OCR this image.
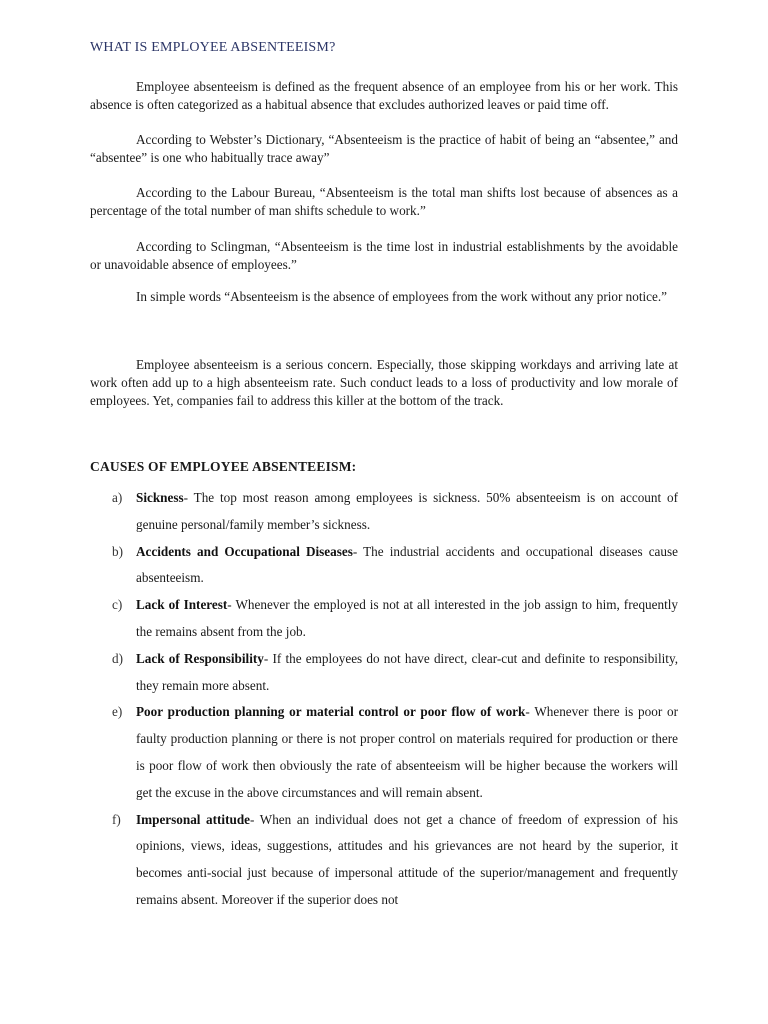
WHAT IS EMPLOYEE ABSENTEEISM?

Employee absenteeism is defined as the frequent absence of an employee from his or her work. This absence is often categorized as a habitual absence that excludes authorized leaves or paid time off.

According to Webster’s Dictionary, “Absenteeism is the practice of habit of being an “absentee,” and “absentee” is one who habitually trace away”

According to the Labour Bureau, “Absenteeism is the total man shifts lost because of absences as a percentage of the total number of man shifts schedule to work.”

According to Sclingman, “Absenteeism is the time lost in industrial establishments by the avoidable or unavoidable absence of employees.”

In simple words “Absenteeism is the absence of employees from the work without any prior notice.”

Employee absenteeism is a serious concern. Especially, those skipping workdays and arriving late at work often add up to a high absenteeism rate. Such conduct leads to a loss of productivity and low morale of employees. Yet, companies fail to address this killer at the bottom of the track.

CAUSES OF EMPLOYEE ABSENTEEISM:
a) Sickness- The top most reason among employees is sickness. 50% absenteeism is on account of genuine personal/family member’s sickness.
b) Accidents and Occupational Diseases- The industrial accidents and occupational diseases cause absenteeism.
c) Lack of Interest- Whenever the employed is not at all interested in the job assign to him, frequently the remains absent from the job.
d) Lack of Responsibility- If the employees do not have direct, clear-cut and definite to responsibility, they remain more absent.
e) Poor production planning or material control or poor flow of work- Whenever there is poor or faulty production planning or there is not proper control on materials required for production or there is poor flow of work then obviously the rate of absenteeism will be higher because the workers will get the excuse in the above circumstances and will remain absent.
f) Impersonal attitude- When an individual does not get a chance of freedom of expression of his opinions, views, ideas, suggestions, attitudes and his grievances are not heard by the superior, it becomes anti-social just because of impersonal attitude of the superior/management and frequently remains absent. Moreover if the superior does not
